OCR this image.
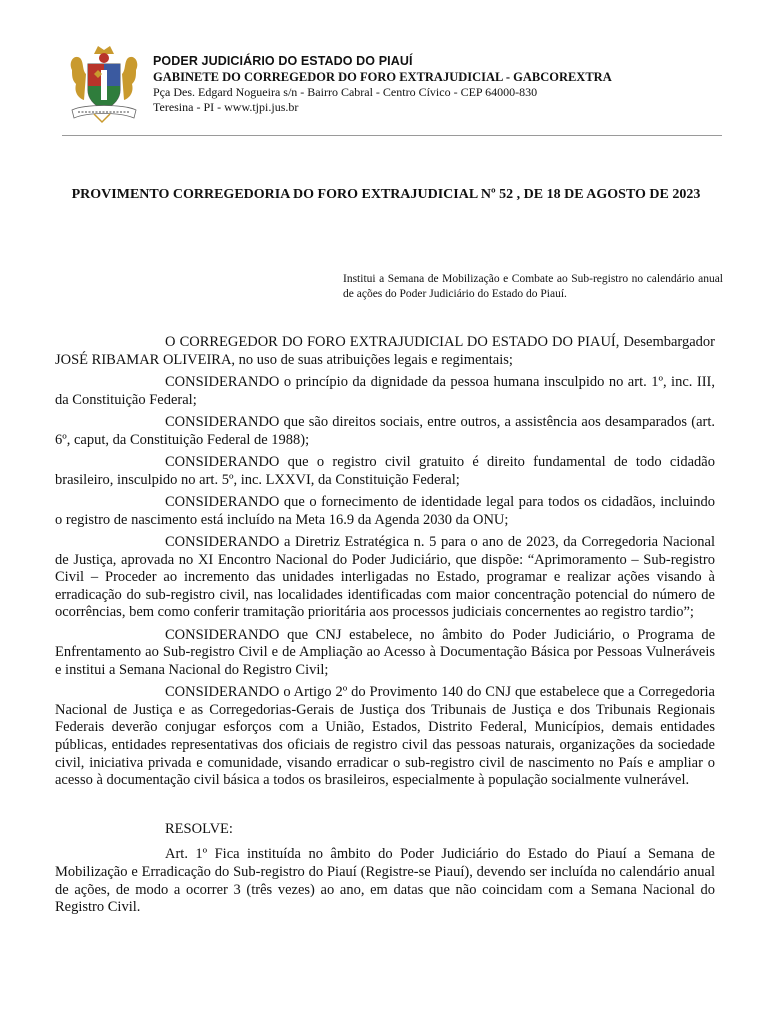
PODER JUDICIÁRIO DO ESTADO DO PIAUÍ
GABINETE DO CORREGEDOR DO FORO EXTRAJUDICIAL - GABCOREXTRA
Pça Des. Edgard Nogueira s/n - Bairro Cabral - Centro Cívico - CEP 64000-830
Teresina - PI - www.tjpi.jus.br
PROVIMENTO CORREGEDORIA DO FORO EXTRAJUDICIAL Nº 52 , DE 18 DE AGOSTO DE 2023
Institui a Semana de Mobilização e Combate ao Sub-registro no calendário anual de ações do Poder Judiciário do Estado do Piauí.

O CORREGEDOR DO FORO EXTRAJUDICIAL DO ESTADO DO PIAUÍ, Desembargador JOSÉ RIBAMAR OLIVEIRA, no uso de suas atribuições legais e regimentais;

CONSIDERANDO o princípio da dignidade da pessoa humana insculpido no art. 1º, inc. III, da Constituição Federal;

CONSIDERANDO que são direitos sociais, entre outros, a assistência aos desamparados (art. 6º, caput, da Constituição Federal de 1988);

CONSIDERANDO que o registro civil gratuito é direito fundamental de todo cidadão brasileiro, insculpido no art. 5º, inc. LXXVI, da Constituição Federal;

CONSIDERANDO que o fornecimento de identidade legal para todos os cidadãos, incluindo o registro de nascimento está incluído na Meta 16.9 da Agenda 2030 da ONU;

CONSIDERANDO a Diretriz Estratégica n. 5 para o ano de 2023, da Corregedoria Nacional de Justiça, aprovada no XI Encontro Nacional do Poder Judiciário, que dispõe: “Aprimoramento – Sub-registro Civil – Proceder ao incremento das unidades interligadas no Estado, programar e realizar ações visando à erradicação do sub-registro civil, nas localidades identificadas com maior concentração potencial do número de ocorrências, bem como conferir tramitação prioritária aos processos judiciais concernentes ao registro tardio”;

CONSIDERANDO que CNJ estabelece, no âmbito do Poder Judiciário, o Programa de Enfrentamento ao Sub-registro Civil e de Ampliação ao Acesso à Documentação Básica por Pessoas Vulneráveis e institui a Semana Nacional do Registro Civil;

CONSIDERANDO o Artigo 2º do Provimento 140 do CNJ que estabelece que a Corregedoria Nacional de Justiça e as Corregedorias-Gerais de Justiça dos Tribunais de Justiça e dos Tribunais Regionais Federais deverão conjugar esforços com a União, Estados, Distrito Federal, Municípios, demais entidades públicas, entidades representativas dos oficiais de registro civil das pessoas naturais, organizações da sociedade civil, iniciativa privada e comunidade, visando erradicar o sub-registro civil de nascimento no País e ampliar o acesso à documentação civil básica a todos os brasileiros, especialmente à população socialmente vulnerável.

RESOLVE:

Art. 1º Fica instituída no âmbito do Poder Judiciário do Estado do Piauí a Semana de Mobilização e Erradicação do Sub-registro do Piauí (Registre-se Piauí), devendo ser incluída no calendário anual de ações, de modo a ocorrer 3 (três vezes) ao ano, em datas que não coincidam com a Semana Nacional do Registro Civil.
